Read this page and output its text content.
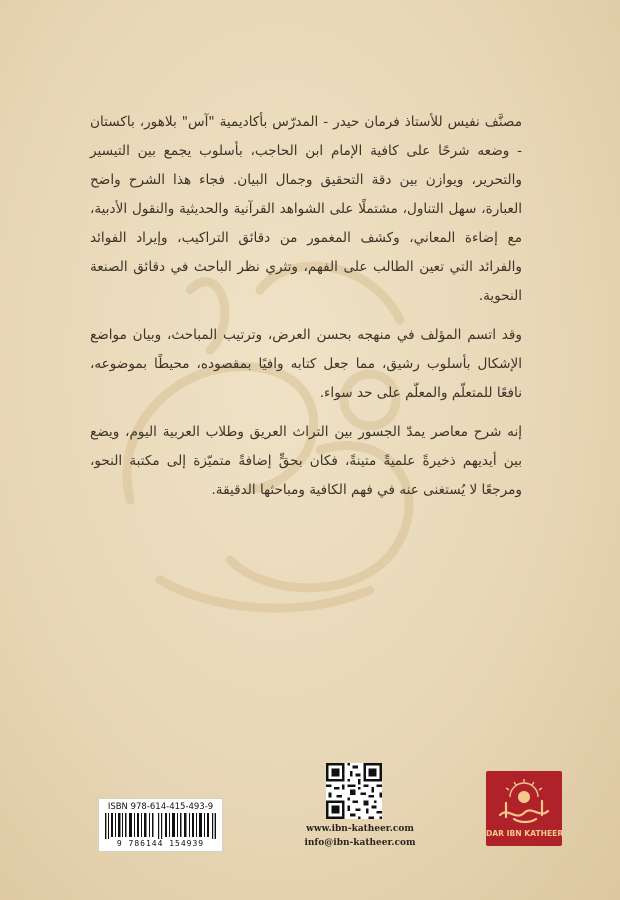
مصنَّف نفيس للأستاذ فرمان حيدر - المدرّس بأكاديمية "آس" بلاهور، باكستان - وضعه شرحًا على كافية الإمام ابن الحاجب، بأسلوب يجمع بين التيسير والتحرير، ويوازن بين دقة التحقيق وجمال البيان. فجاء هذا الشرح واضح العبارة، سهل التناول، مشتملًا على الشواهد القرآنية والحديثية والنقول الأدبية، مع إضاءة المعاني، وكشف المغمور من دقائق التراكيب، وإيراد الفوائد والفرائد التي تعين الطالب على الفهم، وتثري نظر الباحث في دقائق الصنعة النحوية.

وقد اتسم المؤلف في منهجه بحسن العرض، وترتيب المباحث، وبيان مواضع الإشكال بأسلوب رشيق، مما جعل كتابه وافيًا بمقصوده، محيطًا بموضوعه، نافعًا للمتعلّم والمعلّم على حد سواء.

إنه شرح معاصر يمدّ الجسور بين التراث العريق وطلاب العربية اليوم، ويضع بين أيديهم ذخيرةً علميةً متينةً، فكان بحقٍّ إضافةً متميّزة إلى مكتبة النحو، ومرجعًا لا يُستغنى عنه في فهم الكافية ومباحثها الدقيقة.

ISBN 978-614-415-493-9
9 786144 154939
www.ibn-katheer.com
info@ibn-katheer.com
DAR IBN KATHEER
